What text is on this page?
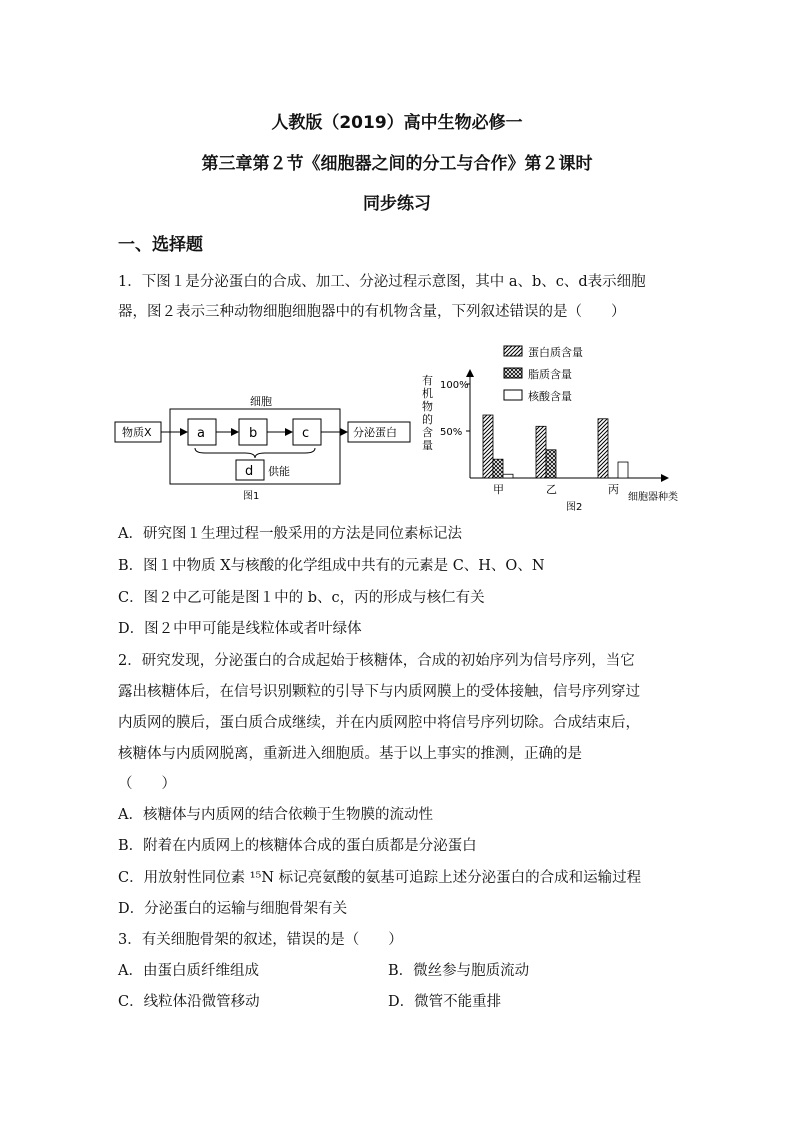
人教版（2019）高中生物必修一
第三章第２节《细胞器之间的分工与合作》第２课时
同步练习
一、选择题
1．下图１是分泌蛋白的合成、加工、分泌过程示意图，其中 a、b、c、d表示细胞
器，图２表示三种动物细胞细胞器中的有机物含量，下列叙述错误的是（　　）
细胞
物质X	a	b	c	分泌蛋白
d 供能
图1
蛋白质含量
脂质含量
核酸含量
有机物的含量
50%
100%
甲	乙	丙
图2
细胞器种类
A．研究图１生理过程一般采用的方法是同位素标记法
B．图１中物质 X与核酸的化学组成中共有的元素是 C、H、O、N
C．图２中乙可能是图１中的 b、c，丙的形成与核仁有关
D．图２中甲可能是线粒体或者叶绿体
2．研究发现，分泌蛋白的合成起始于核糖体，合成的初始序列为信号序列，当它
露出核糖体后，在信号识别颗粒的引导下与内质网膜上的受体接触，信号序列穿过
内质网的膜后，蛋白质合成继续，并在内质网腔中将信号序列切除。合成结束后，
核糖体与内质网脱离，重新进入细胞质。基于以上事实的推测，正确的是
（　　）
A．核糖体与内质网的结合依赖于生物膜的流动性
B．附着在内质网上的核糖体合成的蛋白质都是分泌蛋白
C．用放射性同位素 ¹⁵N 标记亮氨酸的氨基可追踪上述分泌蛋白的合成和运输过程
D．分泌蛋白的运输与细胞骨架有关
3．有关细胞骨架的叙述，错误的是（　　）
A．由蛋白质纤维组成	B．微丝参与胞质流动
C．线粒体沿微管移动	D．微管不能重排
